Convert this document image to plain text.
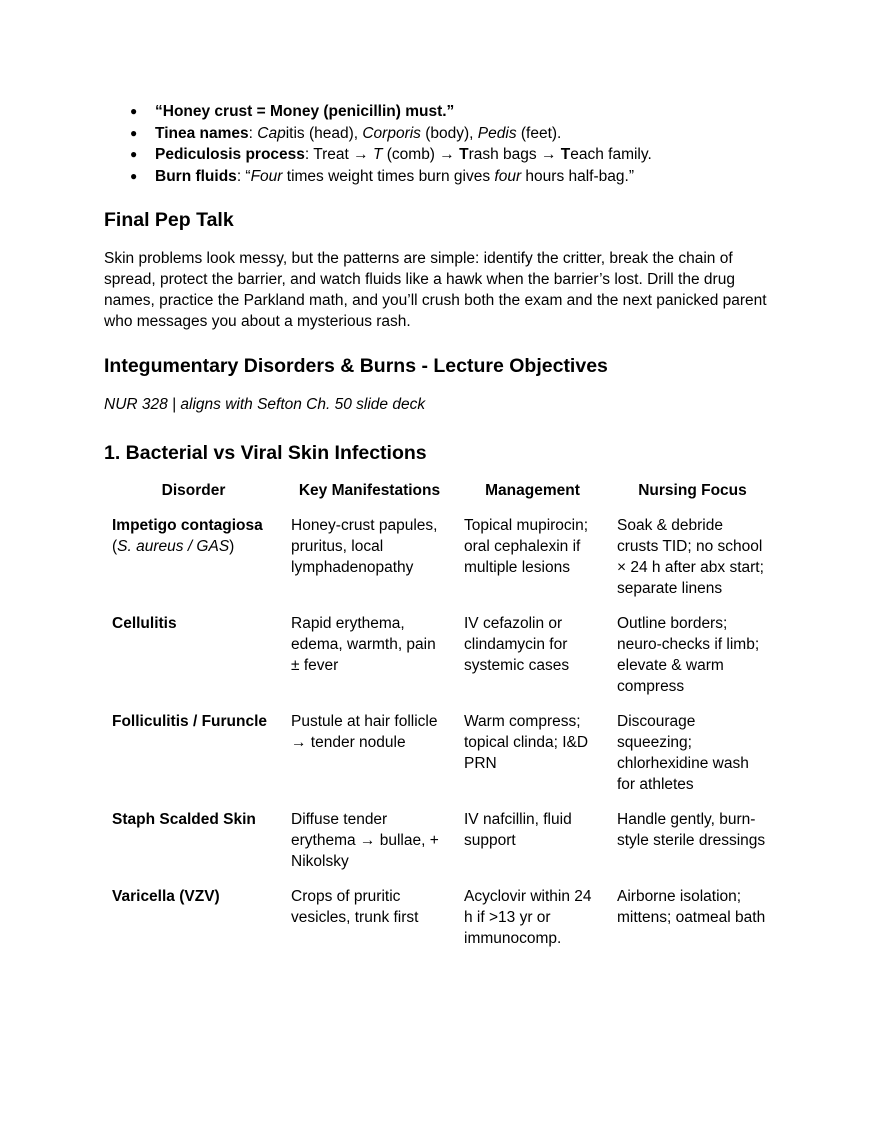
● “Honey crust = Money (penicillin) must.”
● Tinea names: Capitis (head), Corporis (body), Pedis (feet).
● Pediculosis process: Treat → T (comb) → Trash bags → Teach family.
● Burn fluids: “Four times weight times burn gives four hours half-bag.”
Final Pep Talk

Skin problems look messy, but the patterns are simple: identify the critter, break the chain of spread, protect the barrier, and watch fluids like a hawk when the barrier’s lost. Drill the drug names, practice the Parkland math, and you’ll crush both the exam and the next panicked parent who messages you about a mysterious rash.

Integumentary Disorders & Burns - Lecture Objectives

NUR 328 | aligns with Sefton Ch. 50 slide deck

1. Bacterial vs Viral Skin Infections
Disorder	Key Manifestations	Management	Nursing Focus
Impetigo contagiosa
(S. aureus / GAS)	Honey-crust papules, pruritus, local lymphadenopathy	Topical mupirocin; oral cephalexin if multiple lesions	Soak & debride crusts TID; no school × 24 h after abx start; separate linens
Cellulitis	Rapid erythema, edema, warmth, pain ± fever	IV cefazolin or clindamycin for systemic cases	Outline borders; neuro-checks if limb; elevate & warm compress
Folliculitis / Furuncle	Pustule at hair follicle → tender nodule	Warm compress; topical clinda; I&D PRN	Discourage squeezing; chlorhexidine wash for athletes
Staph Scalded Skin	Diffuse tender erythema → bullae, + Nikolsky	IV nafcillin, fluid support	Handle gently, burn-style sterile dressings
Varicella (VZV)	Crops of pruritic vesicles, trunk first	Acyclovir within 24 h if >13 yr or immunocomp.	Airborne isolation; mittens; oatmeal bath
